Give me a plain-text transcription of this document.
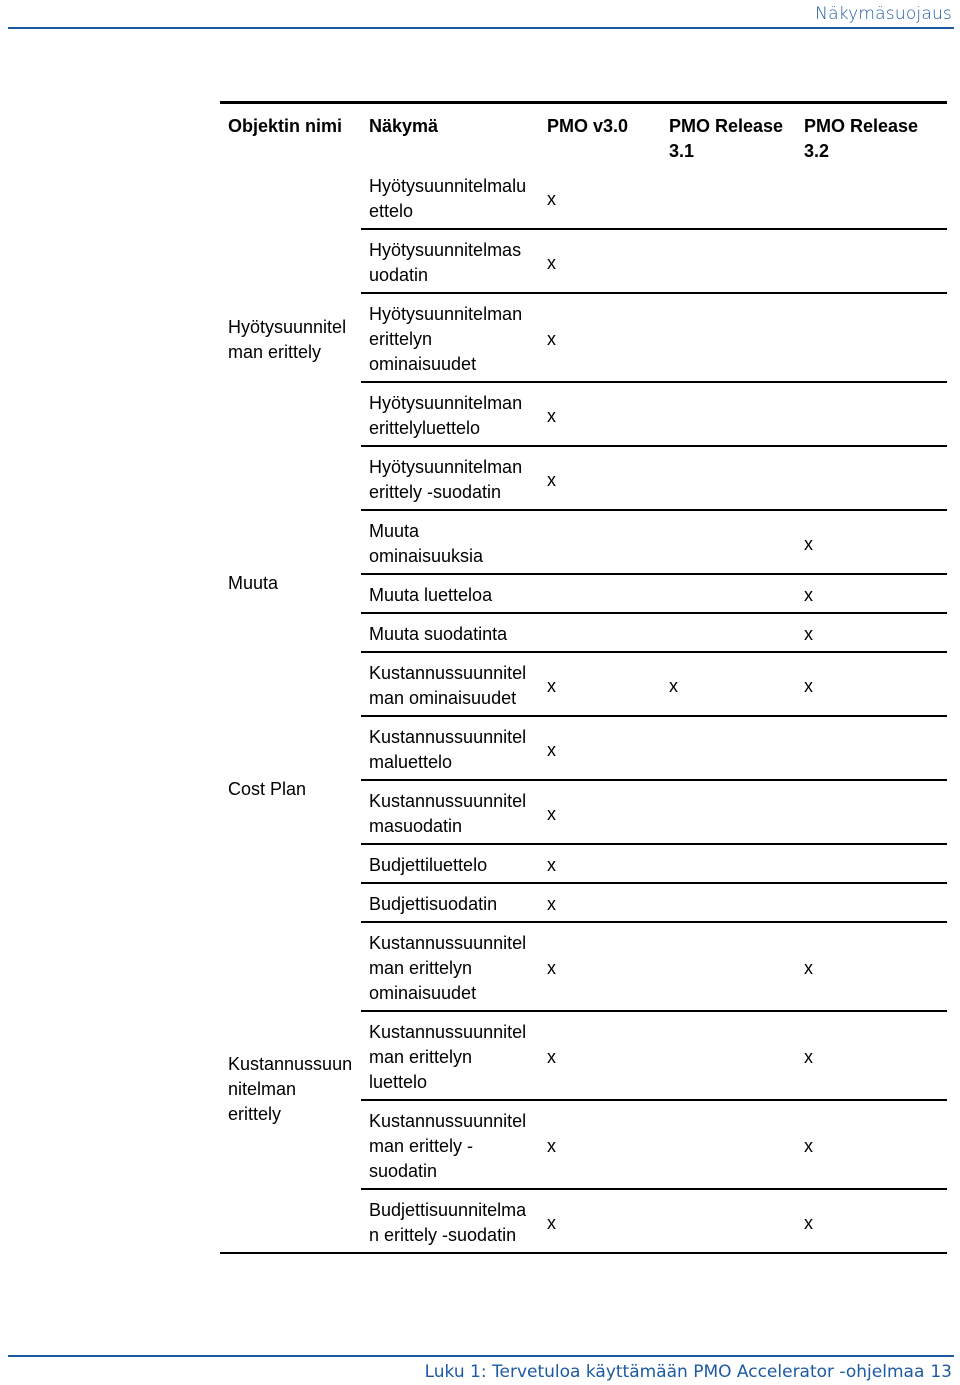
Näkymäsuojaus
Objektin nimi	Näkymä	PMO v3.0	PMO Release 3.1	PMO Release 3.2
Hyötysuunnitelman erittely	Hyötysuunnitelmaluettelo	x		
	Hyötysuunnitelmasuodatin	x		
	Hyötysuunnitelman erittelyn ominaisuudet	x		
	Hyötysuunnitelman erittelyluettelo	x		
	Hyötysuunnitelman erittely -suodatin	x		
Muuta	Muuta ominaisuuksia			x
	Muuta luetteloa			x
	Muuta suodatinta			x
Cost Plan	Kustannussuunnitelman ominaisuudet	x	x	x
	Kustannussuunnitelmaluettelo	x		
	Kustannussuunnitelmasuodatin	x		
	Budjettiluettelo	x		
	Budjettisuodatin	x		
Kustannussuunnitelman erittely	Kustannussuunnitelman erittelyn ominaisuudet	x		x
	Kustannussuunnitelman erittelyn luettelo	x		x
	Kustannussuunnitelman erittely -suodatin	x		x
	Budjettisuunnitelman erittely -suodatin	x		x
Luku 1: Tervetuloa käyttämään PMO Accelerator -ohjelmaa 13
